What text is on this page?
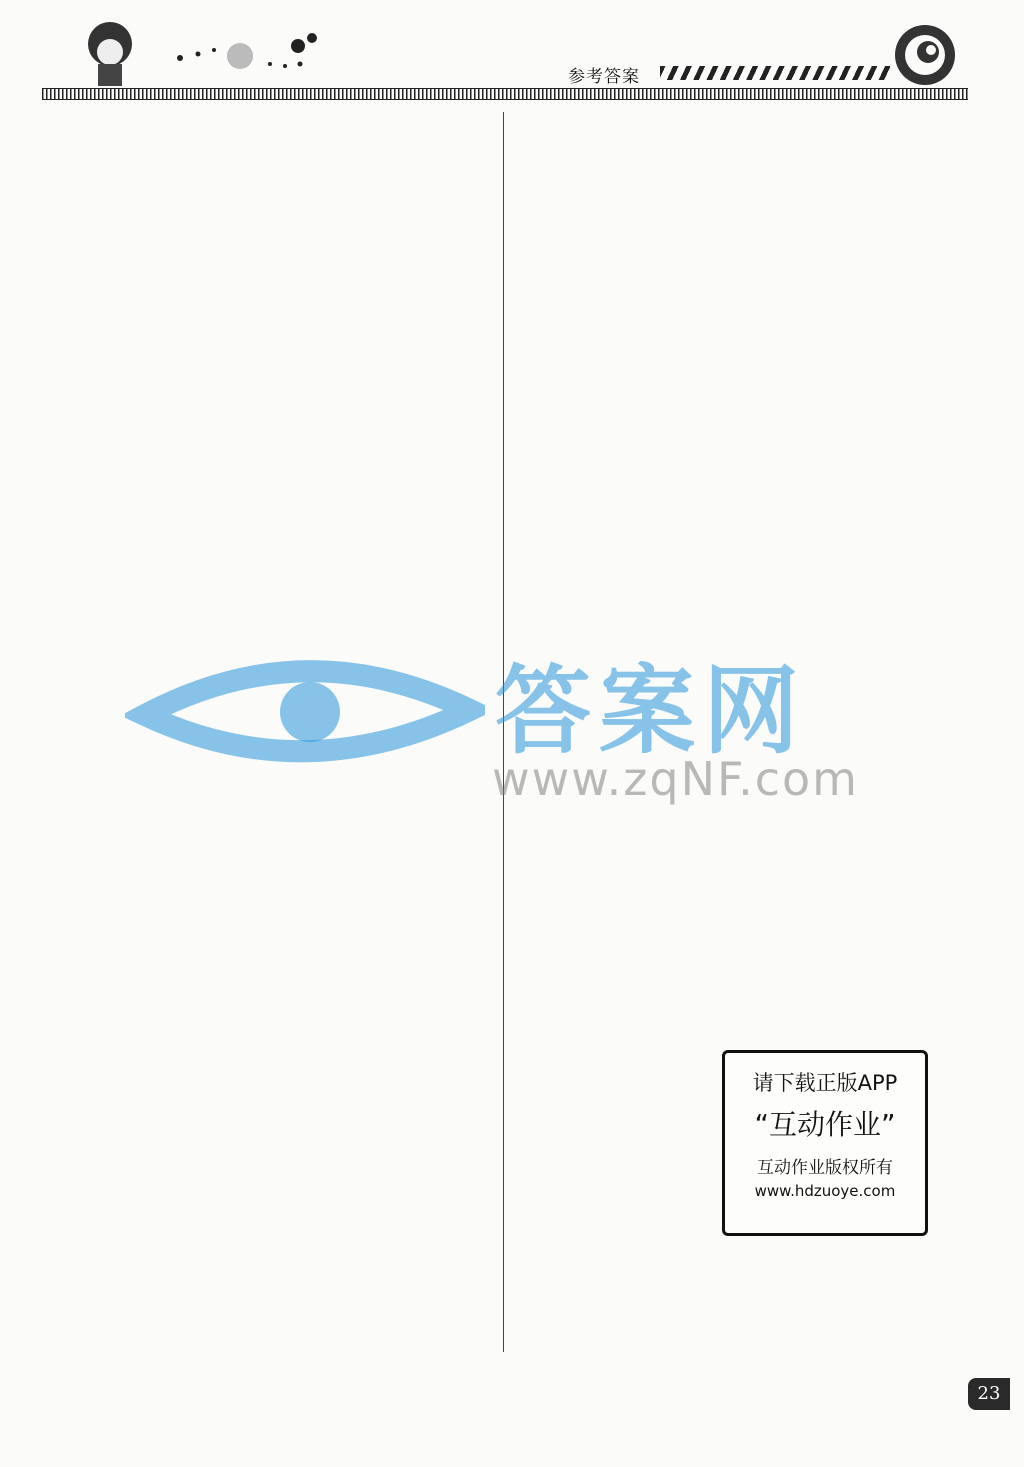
参考答案
答案网
www.zqNF.com
请下载正版APP
“互动作业”
互动作业版权所有
www.hdzuoye.com
23
